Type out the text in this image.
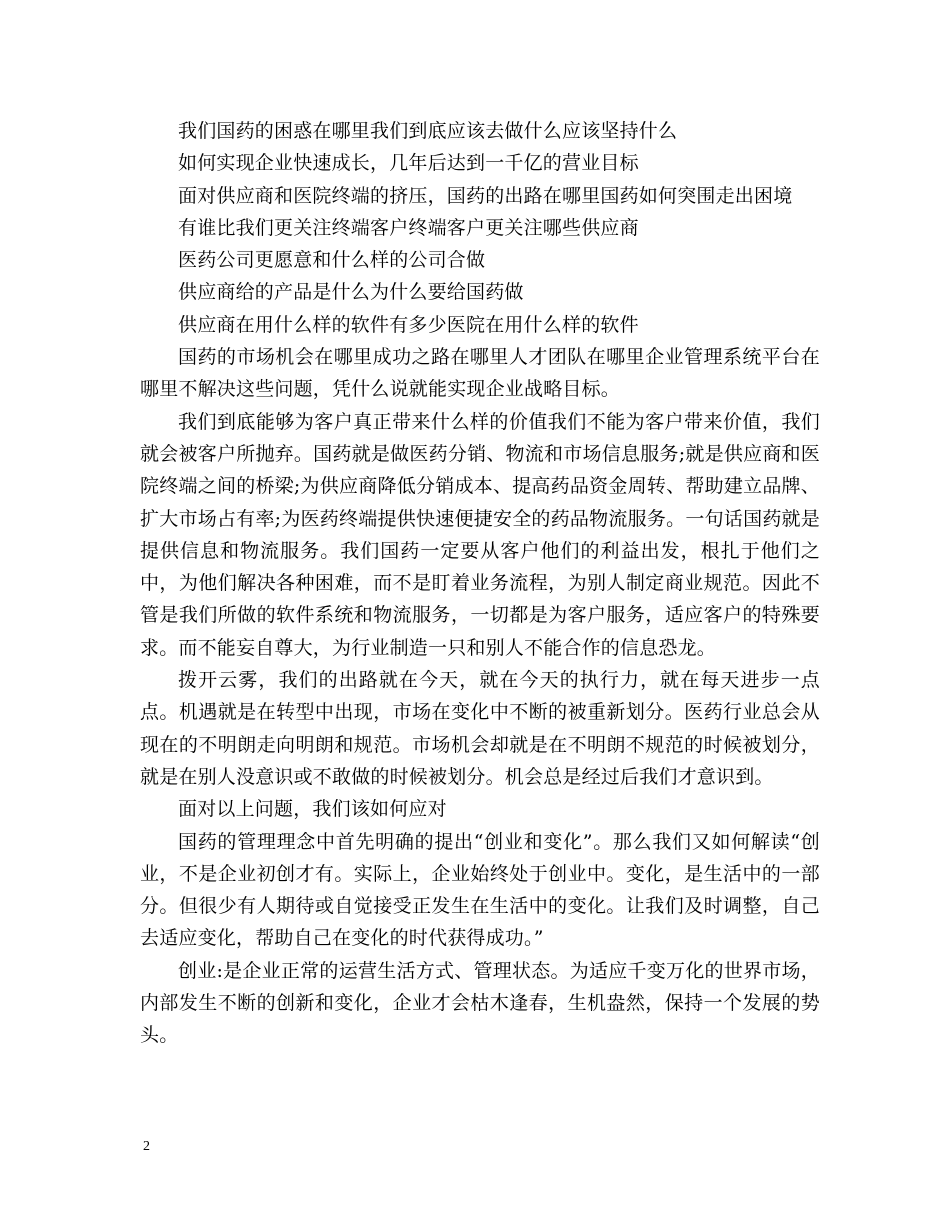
我们国药的困惑在哪里我们到底应该去做什么应该坚持什么

如何实现企业快速成长，几年后达到一千亿的营业目标

面对供应商和医院终端的挤压，国药的出路在哪里国药如何突围走出困境

有谁比我们更关注终端客户终端客户更关注哪些供应商

医药公司更愿意和什么样的公司合做

供应商给的产品是什么为什么要给国药做

供应商在用什么样的软件有多少医院在用什么样的软件

国药的市场机会在哪里成功之路在哪里人才团队在哪里企业管理系统平台在哪里不解决这些问题，凭什么说就能实现企业战略目标。

我们到底能够为客户真正带来什么样的价值我们不能为客户带来价值，我们就会被客户所抛弃。国药就是做医药分销、物流和市场信息服务;就是供应商和医院终端之间的桥梁;为供应商降低分销成本、提高药品资金周转、帮助建立品牌、扩大市场占有率;为医药终端提供快速便捷安全的药品物流服务。一句话国药就是提供信息和物流服务。我们国药一定要从客户他们的利益出发，根扎于他们之中，为他们解决各种困难，而不是盯着业务流程，为别人制定商业规范。因此不管是我们所做的软件系统和物流服务，一切都是为客户服务，适应客户的特殊要求。而不能妄自尊大，为行业制造一只和别人不能合作的信息恐龙。

拨开云雾，我们的出路就在今天，就在今天的执行力，就在每天进步一点点。机遇就是在转型中出现，市场在变化中不断的被重新划分。医药行业总会从现在的不明朗走向明朗和规范。市场机会却就是在不明朗不规范的时候被划分，就是在别人没意识或不敢做的时候被划分。机会总是经过后我们才意识到。

面对以上问题，我们该如何应对

国药的管理理念中首先明确的提出“创业和变化”。那么我们又如何解读“创业，不是企业初创才有。实际上，企业始终处于创业中。变化，是生活中的一部分。但很少有人期待或自觉接受正发生在生活中的变化。让我们及时调整，自己去适应变化，帮助自己在变化的时代获得成功。”

创业:是企业正常的运营生活方式、管理状态。为适应千变万化的世界市场，内部发生不断的创新和变化，企业才会枯木逢春，生机盎然，保持一个发展的势头。

2
